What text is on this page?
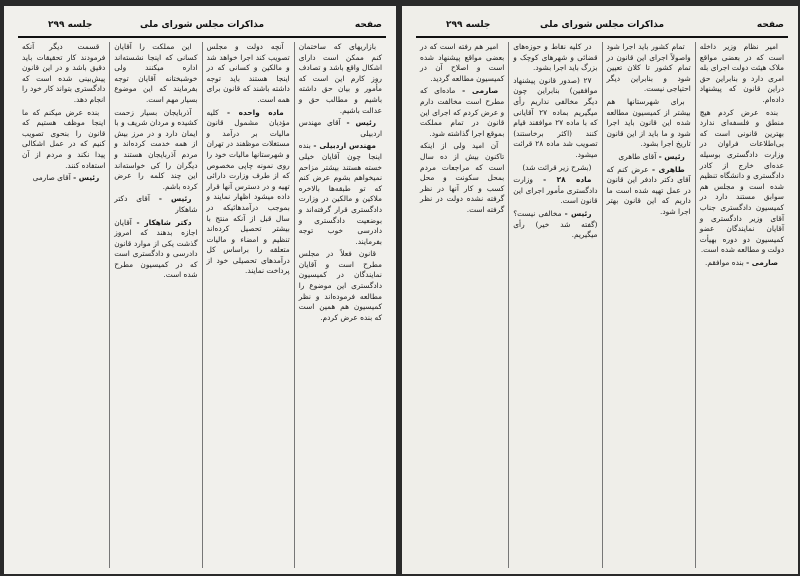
صفحه
مذاکرات مجلس شورای ملی
جلسه ۲۹۹

بازاریهای که ساختمان کنم ممکن است دارای اشکال واقع باشد و تصادف روز کارم این است که مأمور و بیان حق داشته باشیم و مطالب حق و عدالت باشیم.

رئیس - آقای مهندس اردبیلی

مهندس اردبیلی - بنده اینجا چون آقایان خیلی خسته هستند بیشتر مزاحم نمیخواهم بشوم عرض کنم که تو طبقه‌ها بالاخره ملاکین و مالکین در وزارت دادگستری قرار گرفته‌اند و بوضعیت دادگستری و دادرسی خوب توجه بفرمایند.

قانون فعلاً در مجلس مطرح است و آقایان نمایندگان در کمیسیون دادگستری این موضوع را مطالعه فرموده‌اند و نظر کمیسیون هم همین است که بنده عرض کردم.

آنچه دولت و مجلس تصویب کند اجرا خواهد شد و مالکین و کسانی که در اینجا هستند باید توجه داشته باشند که قانون برای همه است.

ماده واحده - کلیه مؤدیان مشمول قانون مالیات بر درآمد و مستغلات موظفند در تهران و شهرستانها مالیات خود را روی نمونه چاپی مخصوص که از طرف وزارت دارائی تهیه و در دسترس آنها قرار داده میشود اظهار نمایند و بموجب درآمدهائیکه در سال قبل از آنکه منتج با بیشتر تحصیل کرده‌اند تنظیم و امضاء و مالیات متعلقه را براساس کل درآمدهای تحصیلی خود از پرداخت نمایند.

این مملکت را آقایان کسانی که اینجا نشسته‌اند اداره میکنند ولی خوشبختانه آقایان توجه بفرمایند که این موضوع بسیار مهم است.

آذربایجان بسیار زحمت کشیده و مردان شریف و با ایمان دارد و در مرز بیش از همه خدمت کرده‌اند و مردم آذربایجان هستند و دیگران را کی خواسته‌اند این چند کلمه را عرض کرده باشم.

رئیس - آقای دکتر شاهکار

دکتر شاهکار - آقایان اجازه بدهند که امروز گذشت یکی از موارد قانون دادرسی و دادگستری است که در کمیسیون مطرح شده است.

قسمت دیگر آنکه فرمودند کار تحقیقات باید دقیق باشد و در این قانون پیش‌بینی شده است که دادگستری بتواند کار خود را انجام دهد.

بنده عرض میکنم که ما اینجا موظف هستیم که قانون را بنحوی تصویب کنیم که در عمل اشکالی پیدا نکند و مردم از آن استفاده کنند.

رئیس - آقای صارمی

صفحه
مذاکرات مجلس شورای ملی
جلسه ۲۹۹

امیر نظام وزیر داخله است که در بعضی مواقع ملاک هیئت دولت اجرای بله امری دارد و بنابراین حق دراین قانون که پیشنهاد داده‌ام.

بنده عرض کردم هیچ منطق و فلسفه‌ای ندارد بهترین قانونی است که بی‌اطلاعات فراوان در وزارت دادگستری بوسیله عده‌ای خارج از کادر دادگستری و دانشگاه تنظیم شده است و مجلس هم سوابق مستند دارد در کمیسیون دادگستری جناب آقای وزیر دادگستری و آقایان نمایندگان عضو کمیسیون دو دوره بهیأت دولت و مطالعه شده است.

صارمی - بنده موافقم.

تمام کشور باید اجرا شود واصولاً اجرای این قانون در تمام کشور تا کلان تعیین شود و بنابراین دیگر احتیاجی نیست.

برای شهرستانها هم بیشتر از کمیسیون مطالعه شده این قانون باید اجرا شود و ما باید از این قانون تاریخ اجرا بشود.

رئیس - آقای طاهری

طاهری - عرض کنم که آقای دکتر دادفر این قانون در عمل تهیه شده است ما داریم که این قانون بهتر اجرا شود.

در کلیه نقاط و حوزه‌های قضائی و شهرهای کوچک و بزرگ باید اجرا بشود.

۲۷ (صدور قانون پیشنهاد موافقین) بنابراین چون دیگر مخالفی نداریم رأی میگیریم بماده ۲۷ آقایانی که با ماده ۲۷ موافقند قیام کنند (اکثر برخاستند) تصویب شد ماده ۲۸ قرائت میشود.

(بشرح زیر قرائت شد)

ماده ۲۸ - وزارت دادگستری مأمور اجرای این قانون است.

رئیس - مخالفی نیست؟ (گفته شد خیر) رأی میگیریم.

امیر هم رفته است که در بعضی مواقع پیشنهاد شده است و اصلاح آن در کمیسیون مطالعه گردید.

صارمی - ماده‌ای که مطرح است مخالفت دارم و عرض کردم که اجرای این قانون در تمام مملکت بموقع اجرا گذاشته شود.

آن امید ولی از اینکه تاکنون بیش از ده سال است که مراجعات مردم بمحل سکونت و محل کسب و کار آنها در نظر گرفته نشده دولت در نظر گرفته است.
